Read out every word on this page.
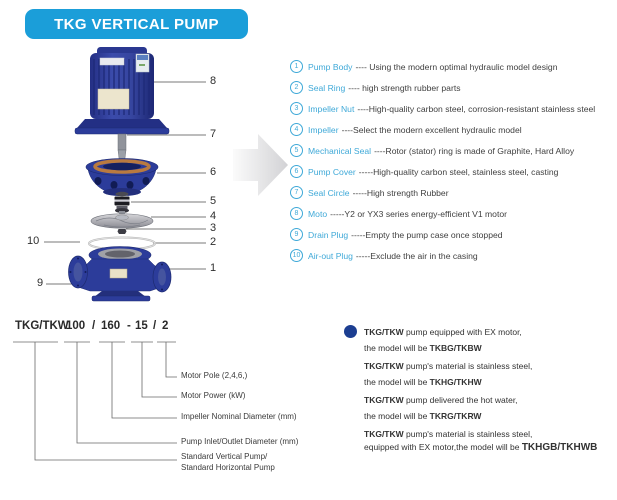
TKG VERTICAL PUMP
8
7
6
5
4
3
2
1
10
9
1	Pump Body ---- Using the modern optimal hydraulic model design
2	Seal Ring ---- high strength rubber parts
3	Impeller Nut ----High-quality carbon steel, corrosion-resistant stainless steel
4	Impeller ----Select the modern excellent hydraulic model
5	Mechanical Seal ----Rotor (stator) ring is made of Graphite, Hard Alloy
6	Pump Cover -----High-quality carbon steel, stainless steel, casting
7	Seal Circle -----High strength Rubber
8	Moto -----Y2 or YX3 series energy-efficient V1 motor
9	Drain Plug -----Empty the pump case once stopped
10 Air-out Plug -----Exclude the air in the casing
TKG/TKW
100 / 160 - 15 / 2
Motor Pole (2,4,6,)
Motor Power (kW)
Impeller Nominal Diameter (mm)
Pump Inlet/Outlet Diameter (mm)
Standard Vertical Pump/
Standard Horizontal Pump
TKG/TKW pump equipped with EX motor,
the model will be TKBG/TKBW
TKG/TKW pump's material is stainless steel,
the model will be TKHG/TKHW
TKG/TKW pump delivered the hot water,
the model will be TKRG/TKRW
TKG/TKW pump's material is stainless steel,
equipped with EX motor,the model will be TKHGB/TKHWB
